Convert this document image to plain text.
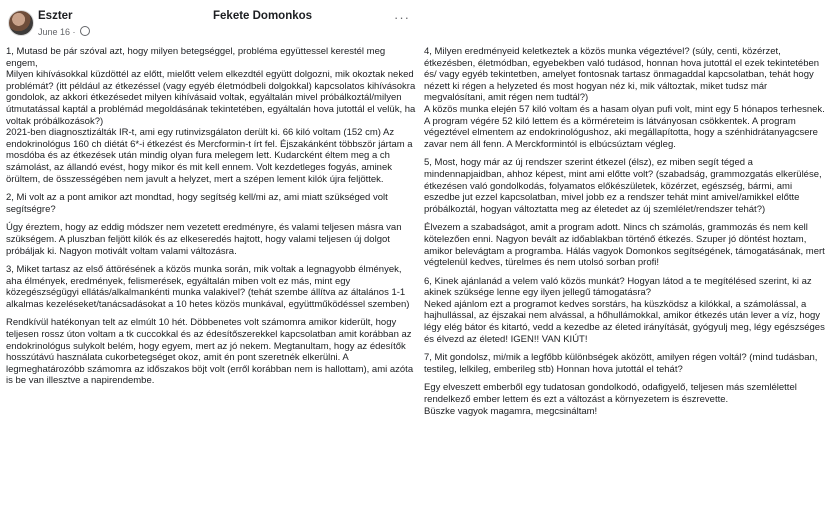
Eszter
June 16 ·
Fekete Domonkos	···

1, Mutasd be pár szóval azt, hogy milyen betegséggel, probléma együttessel kerestél meg engem,
Milyen kihívásokkal küzdöttél az előtt, mielőtt velem elkezdtél együtt dolgozni, mik okoztak neked problémát? (itt például az étkezéssel (vagy egyéb életmódbeli dolgokkal) kapcsolatos kihívásokra gondolok, az akkori étkezésedet milyen kihívásaid voltak, egyáltalán mivel próbálkoztál/milyen útmutatással kaptál a problémád megoldásának tekintetében, egyáltalán hova jutottál el velük, ha voltak próbálkozások?)
2021-ben diagnosztizálták IR-t, ami egy rutinvizsgálaton derült ki. 66 kiló voltam (152 cm) Az endokrinológus 160 ch diétát 6*-i étkezést és Mercformin-t írt fel. Éjszakánként többször jártam a mosdóba és az étkezések után mindig olyan fura melegem lett. Kudarcként éltem meg a ch számolást, az állandó evést, hogy mikor és mit kell ennem. Volt kezdetleges fogyás, aminek örültem, de összességében nem javult a helyzet, mert a szépen lement kilók újra feljöttek.

2, Mi volt az a pont amikor azt mondtad, hogy segítség kell/mi az, ami miatt szükséged volt segítségre?

Úgy éreztem, hogy az eddig módszer nem vezetett eredményre, és valami teljesen másra van szükségem. A pluszban feljött kilók és az elkeseredés hajtott, hogy valami teljesen új dolgot próbáljak ki. Nagyon motivált voltam valami változásra.

3, Miket tartasz az első áttörésének a közös munka során, mik voltak a legnagyobb élmények, aha élmények, eredmények, felismerések, egyáltalán miben volt ez más, mint egy közegészségügyi ellátás/alkalmankénti munka valakivel? (tehát szembe állítva az általános 1-1 alkalmas kezeléseket/tanácsadásokat a 10 hetes közös munkával, együttműködéssel szemben)

Rendkívül hatékonyan telt az elmúlt 10 hét. Döbbenetes volt számomra amikor kiderült, hogy teljesen rossz úton voltam a tk cuccokkal és az édesítőszerekkel kapcsolatban amit korábban az endokrinológus sulykolt belém, hogy egyem, mert az jó nekem. Megtanultam, hogy az édesítők hosszútávú használata cukorbetegséget okoz, amit én pont szeretnék elkerülni. A legmeghatározóbb számomra az időszakos böjt volt (erről korábban nem is hallottam), ami azóta is be van illesztve a napirendembe.

4, Milyen eredményeid keletkeztek a közös munka végeztével? (súly, centi, közérzet, étkezésben, életmódban, egyebekben való tudásod, honnan hova jutottál el ezek tekintetében és/ vagy egyéb tekintetben, amelyet fontosnak tartasz önmagaddal kapcsolatban, tehát hogy nézett ki régen a helyzeted és most hogyan néz ki, mik változtak, miket tudsz már megvalósítani, amit régen nem tudtál?)
A közös munka elején 57 kiló voltam és a hasam olyan pufi volt, mint egy 5 hónapos terhesnek. A program végére 52 kiló lettem és a körméreteim is látványosan csökkentek. A program végeztével elmentem az endokrinológushoz, aki megállapította, hogy a szénhidrátanyagcsere zavar nem áll fenn. A Merckformintól is elbúcsúztam végleg.

5, Most, hogy már az új rendszer szerint étkezel (élsz), ez miben segít téged a mindennapjaidban, ahhoz képest, mint ami előtte volt? (szabadság, grammozgatás elkerülése, étkezésen való gondolkodás, folyamatos előkészületek, közérzet, egészség, bármi, ami eszedbe jut ezzel kapcsolatban, mivel jobb ez a rendszer tehát mint amivel/amikkel előtte próbálkoztál, hogyan változtatta meg az életedet az új szemlélet/rendszer tehát?)

Élvezem a szabadságot, amit a program adott. Nincs ch számolás, grammozás és nem kell kötelezően enni. Nagyon bevált az időablakban történő étkezés. Szuper jó döntést hoztam, amikor belevágtam a programba. Hálás vagyok Domonkos segítségének, támogatásának, mert végtelenül kedves, türelmes és nem utolsó sorban profi!

6, Kinek ajánlanád a velem való közös munkát? Hogyan látod a te megítélésed szerint, ki az akinek szüksége lenne egy ilyen jellegű támogatásra?
Neked ajánlom ezt a programot kedves sorstárs, ha küszködsz a kilókkal, a számolással, a hajhullással, az éjszakai nem alvással, a hőhullámokkal, amikor étkezés után lever a víz, hogy légy elég bátor és kitartó, vedd a kezedbe az életed irányítását, gyógyulj meg, légy egészséges és élvezd az életed! IGEN!! VAN KIÚT!

7, Mit gondolsz, mi/mik a legfőbb különbségek aközött, amilyen régen voltál? (mind tudásban, testileg, lelkileg, emberileg stb) Honnan hova jutottál el tehát?

Egy elveszett emberből egy tudatosan gondolkodó, odafigyelő, teljesen más szemlélettel rendelkező ember lettem és ezt a változást a környezetem is észrevette.
Büszke vagyok magamra, megcsináltam!
